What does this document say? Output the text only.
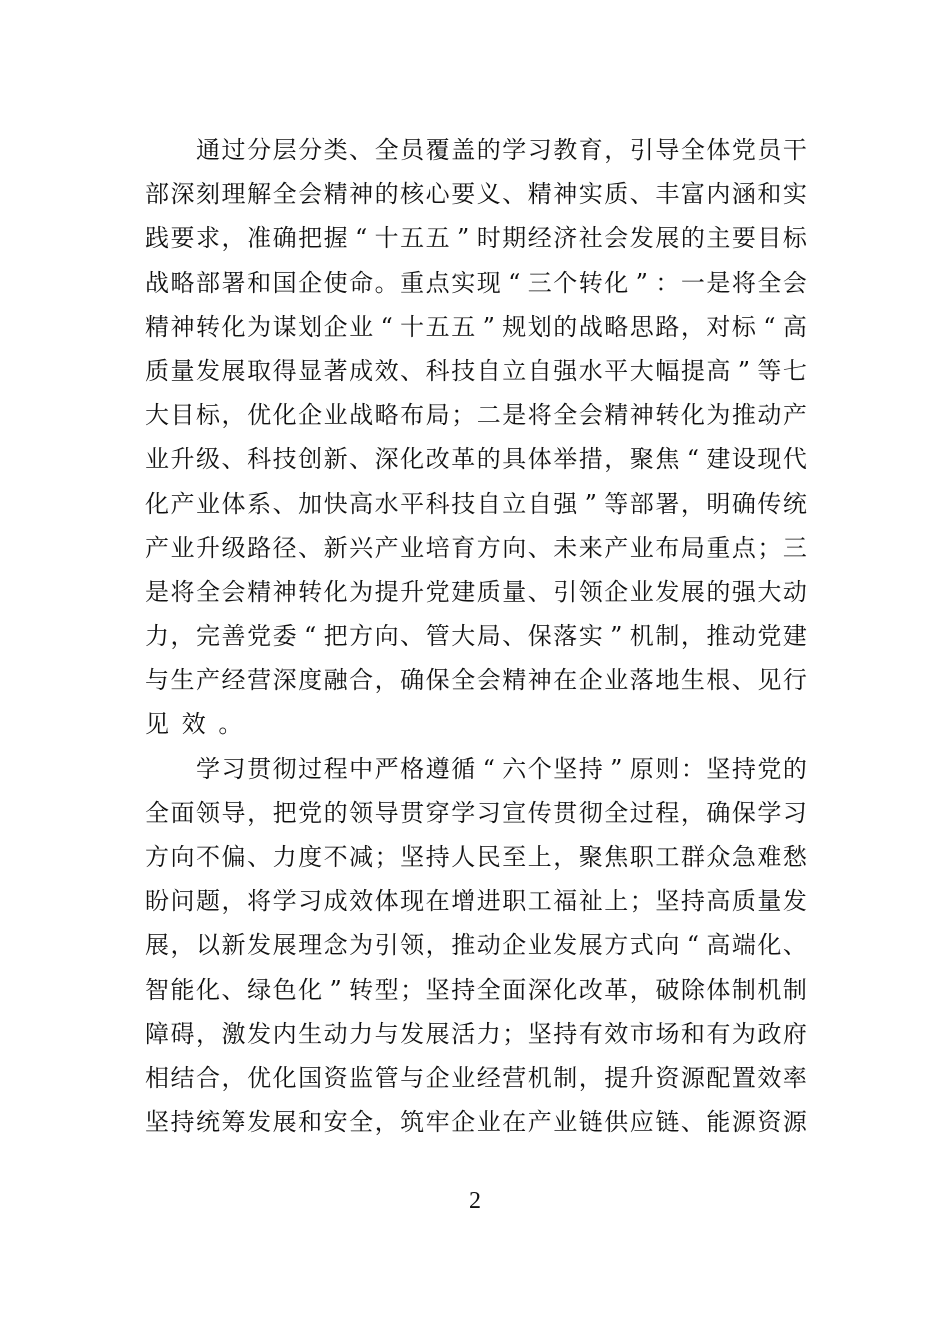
通 过 分 层 分 类 、 全 员 覆 盖 的 学 习 教 育 ， 引 导 全 体 党 员 干
部 深 刻 理 解 全 会 精 神 的 核 心 要 义 、 精 神 实 质 、 丰 富 内 涵 和 实
践 要 求 ， 准 确 把 握 “ 十 五 五 ” 时 期 经 济 社 会 发 展 的 主 要 目 标
战 略 部 署 和 国 企 使 命 。 重 点 实 现 “ 三 个 转 化 ” ： 一 是 将 全 会
精 神 转 化 为 谋 划 企 业 “ 十 五 五 ” 规 划 的 战 略 思 路 ， 对 标 “ 高
质 量 发 展 取 得 显 著 成 效 、 科 技 自 立 自 强 水 平 大 幅 提 高 ” 等 七
大 目 标 ， 优 化 企 业 战 略 布 局 ； 二 是 将 全 会 精 神 转 化 为 推 动 产
业 升 级 、 科 技 创 新 、 深 化 改 革 的 具 体 举 措 ， 聚 焦 “ 建 设 现 代
化 产 业 体 系 、 加 快 高 水 平 科 技 自 立 自 强 ” 等 部 署 ， 明 确 传 统
产 业 升 级 路 径 、 新 兴 产 业 培 育 方 向 、 未 来 产 业 布 局 重 点 ； 三
是 将 全 会 精 神 转 化 为 提 升 党 建 质 量 、 引 领 企 业 发 展 的 强 大 动
力 ， 完 善 党 委 “ 把 方 向 、 管 大 局 、 保 落 实 ” 机 制 ， 推 动 党 建
与 生 产 经 营 深 度 融 合 ， 确 保 全 会 精 神 在 企 业 落 地 生 根 、 见 行
见 效 。

学 习 贯 彻 过 程 中 严 格 遵 循 “ 六 个 坚 持 ” 原 则 ： 坚 持 党 的
全 面 领 导 ， 把 党 的 领 导 贯 穿 学 习 宣 传 贯 彻 全 过 程 ， 确 保 学 习
方 向 不 偏 、 力 度 不 减 ； 坚 持 人 民 至 上 ， 聚 焦 职 工 群 众 急 难 愁
盼 问 题 ， 将 学 习 成 效 体 现 在 增 进 职 工 福 祉 上 ； 坚 持 高 质 量 发
展 ， 以 新 发 展 理 念 为 引 领 ， 推 动 企 业 发 展 方 式 向 “ 高 端 化 、
智 能 化 、 绿 色 化 ” 转 型 ； 坚 持 全 面 深 化 改 革 ， 破 除 体 制 机 制
障 碍 ， 激 发 内 生 动 力 与 发 展 活 力 ； 坚 持 有 效 市 场 和 有 为 政 府
相 结 合 ， 优 化 国 资 监 管 与 企 业 经 营 机 制 ， 提 升 资 源 配 置 效 率
坚 持 统 筹 发 展 和 安 全 ， 筑 牢 企 业 在 产 业 链 供 应 链 、 能 源 资 源
2
